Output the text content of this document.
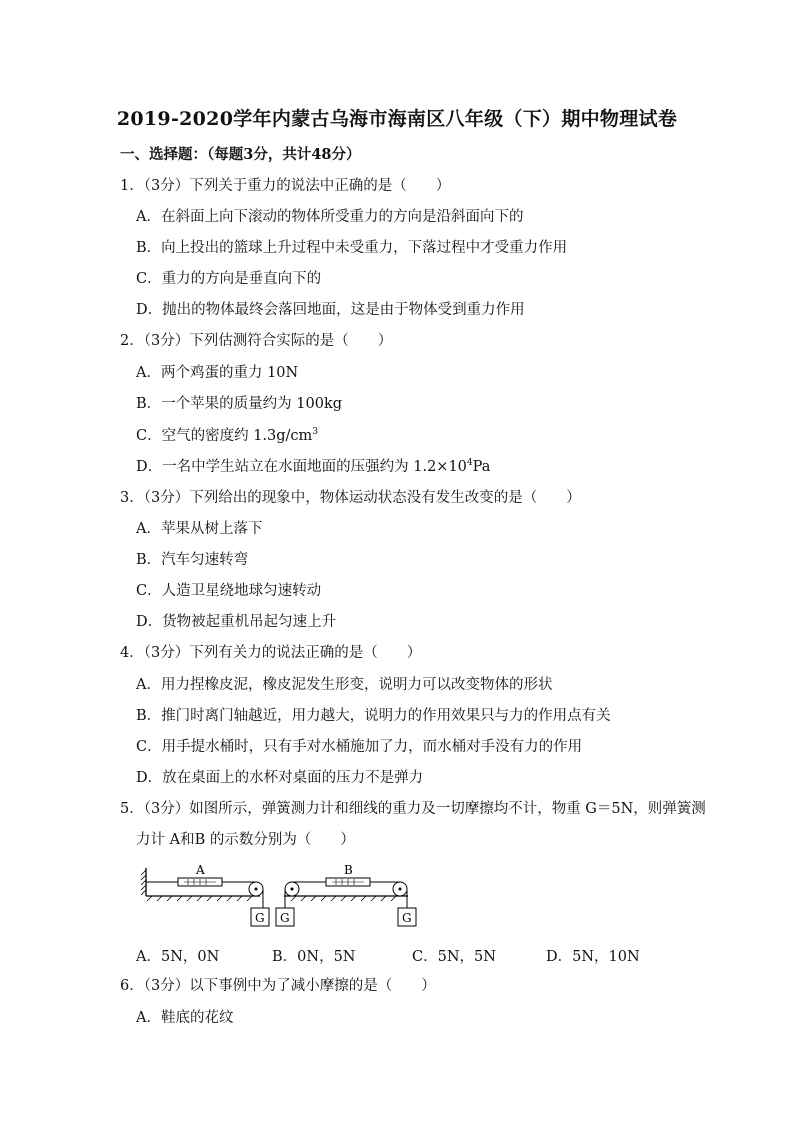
2019-2020学年内蒙古乌海市海南区八年级（下）期中物理试卷
一、选择题：（每题3分，共计48分）
1．（3分）下列关于重力的说法中正确的是（　　）
A．在斜面上向下滚动的物体所受重力的方向是沿斜面向下的
B．向上投出的篮球上升过程中未受重力，下落过程中才受重力作用
C．重力的方向是垂直向下的
D．抛出的物体最终会落回地面，这是由于物体受到重力作用
2．（3分）下列估测符合实际的是（　　）
A．两个鸡蛋的重力 10N
B．一个苹果的质量约为 100kg
C．空气的密度约 $1.3g/cm^3$
D．一名中学生站立在水面地面的压强约为 $1.2\times 10^4Pa$
3．（3分）下列给出的现象中，物体运动状态没有发生改变的是（　　）
A．苹果从树上落下
B．汽车匀速转弯
C．人造卫星绕地球匀速转动
D．货物被起重机吊起匀速上升
4．（3分）下列有关力的说法正确的是（　　）
A．用力捏橡皮泥，橡皮泥发生形变，说明力可以改变物体的形状
B．推门时离门轴越近，用力越大，说明力的作用效果只与力的作用点有关
C．用手提水桶时，只有手对水桶施加了力，而水桶对手没有力的作用
D．放在桌面上的水杯对桌面的压力不是弹力
5．（3分）如图所示，弹簧测力计和细线的重力及一切摩擦均不计，物重 G＝5N，则弹簧测
力计 A和B 的示数分别为（　　）
A
G G
B
G
A．5N，0N	B．0N，5N	C．5N，5N	D．5N，10N
6．（3分）以下事例中为了减小摩擦的是（　　）
A．鞋底的花纹
